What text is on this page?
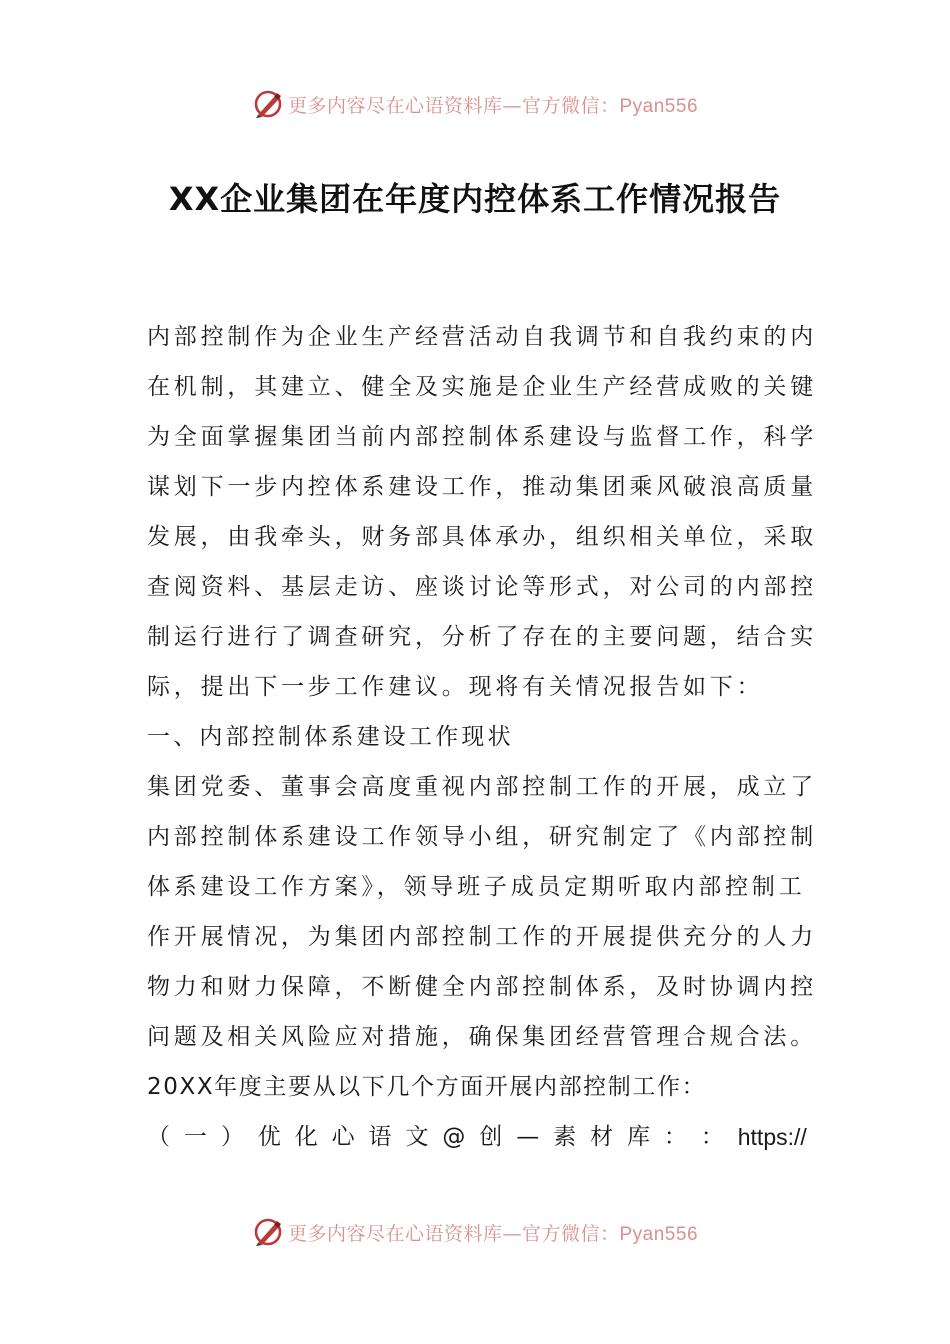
更多内容尽在心语资料库—官方微信：Pyan556
XX企业集团在年度内控体系工作情况报告
内部控制作为企业生产经营活动自我调节和自我约束的内
在机制，其建立、健全及实施是企业生产经营成败的关键
为全面掌握集团当前内部控制体系建设与监督工作，科学
谋划下一步内控体系建设工作，推动集团乘风破浪高质量
发展，由我牵头，财务部具体承办，组织相关单位，采取
查阅资料、基层走访、座谈讨论等形式，对公司的内部控
制运行进行了调查研究，分析了存在的主要问题，结合实
际，提出下一步工作建议。现将有关情况报告如下：
一、内部控制体系建设工作现状
集团党委、董事会高度重视内部控制工作的开展，成立了
内部控制体系建设工作领导小组，研究制定了《内部控制
体系建设工作方案》，领导班子成员定期听取内部控制工
作开展情况，为集团内部控制工作的开展提供充分的人力
物力和财力保障，不断健全内部控制体系，及时协调内控
问题及相关风险应对措施，确保集团经营管理合规合法。
20XX年度主要从以下几个方面开展内部控制工作：
（ 一 ） 优 化 心 语 文 @ 创 — 素 材 库 ： ： https://
更多内容尽在心语资料库—官方微信：Pyan556
